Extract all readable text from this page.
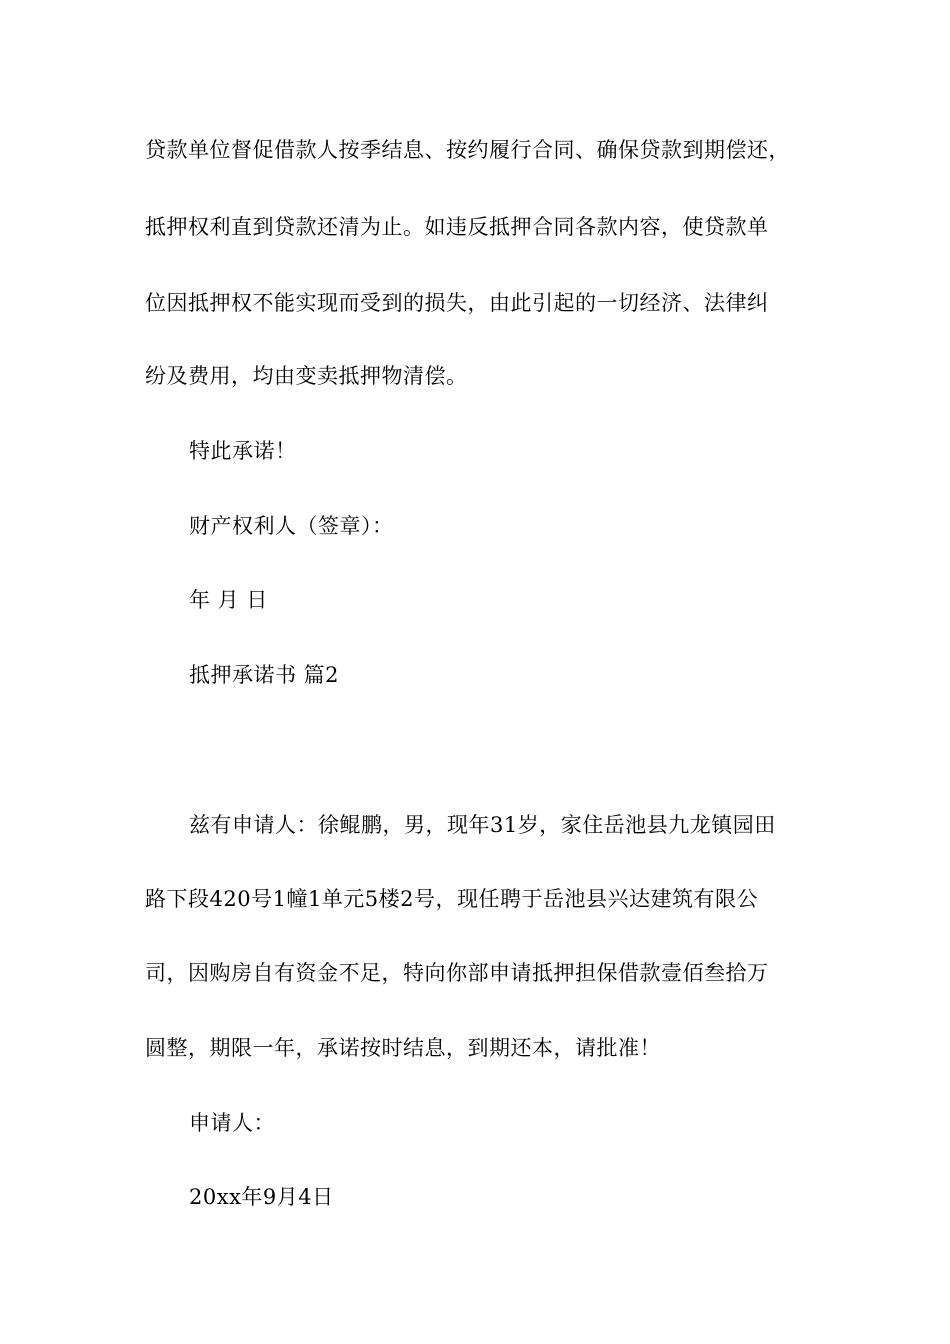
贷款单位督促借款人按季结息、按约履行合同、确保贷款到期偿还，
抵押权利直到贷款还清为止。如违反抵押合同各款内容，使贷款单
位因抵押权不能实现而受到的损失，由此引起的一切经济、法律纠
纷及费用，均由变卖抵押物清偿。
特此承诺！
财产权利人（签章）：
年 月 日
抵押承诺书 篇2
兹有申请人：徐鲲鹏，男，现年31岁，家住岳池县九龙镇园田
路下段420号1幢1单元5楼2号，现任聘于岳池县兴达建筑有限公
司，因购房自有资金不足，特向你部申请抵押担保借款壹佰叁拾万
圆整，期限一年，承诺按时结息，到期还本，请批准！
申请人：
20xx年9月4日
